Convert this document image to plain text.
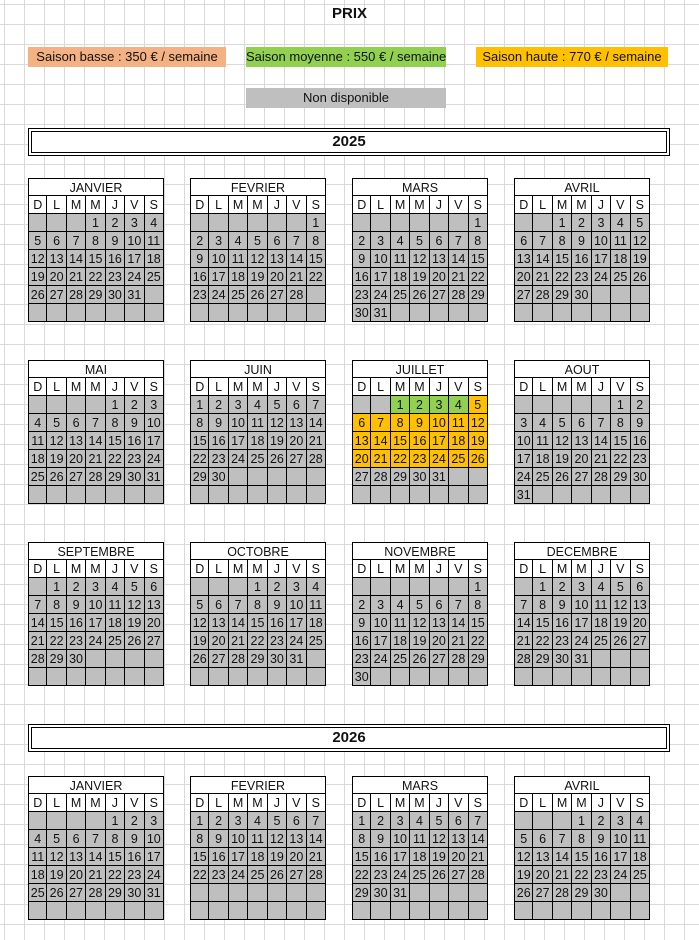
PRIX
Saison basse : 350 € / semaine	Saison moyenne : 550 € / semaine	Saison haute : 770 € / semaine
Non disponible
2025
2026
JANVIER
D L M M J V S
1 2 3 4
5 6 7 8 9 10 11
12 13 14 15 16 17 18
19 20 21 22 23 24 25
26 27 28 29 30 31
FEVRIER
D L M M J V S
1
2 3 4 5 6 7 8
9 10 11 12 13 14 15
16 17 18 19 20 21 22
23 24 25 26 27 28
MARS
D L M M J V S
1
2 3 4 5 6 7 8
9 10 11 12 13 14 15
16 17 18 19 20 21 22
23 24 25 26 27 28 29
30 31
AVRIL
D L M M J V S
1 2 3 4 5
6 7 8 9 10 11 12
13 14 15 16 17 18 19
20 21 22 23 24 25 26
27 28 29 30
MAI
D L M M J V S
1 2 3
4 5 6 7 8 9 10
11 12 13 14 15 16 17
18 19 20 21 22 23 24
25 26 27 28 29 30 31
JUIN
D L M M J V S
1 2 3 4 5 6 7
8 9 10 11 12 13 14
15 16 17 18 19 20 21
22 23 24 25 26 27 28
29 30
JUILLET
D L M M J V S
1 2 3 4 5
6 7 8 9 10 11 12
13 14 15 16 17 18 19
20 21 22 23 24 25 26
27 28 29 30 31
AOUT
D L M M J V S
1 2
3 4 5 6 7 8 9
10 11 12 13 14 15 16
17 18 19 20 21 22 23
24 25 26 27 28 29 30
31
SEPTEMBRE
D L M M J V S
1 2 3 4 5 6
7 8 9 10 11 12 13
14 15 16 17 18 19 20
21 22 23 24 25 26 27
28 29 30
OCTOBRE
D L M M J V S
1 2 3 4
5 6 7 8 9 10 11
12 13 14 15 16 17 18
19 20 21 22 23 24 25
26 27 28 29 30 31
NOVEMBRE
D L M M J V S
1
2 3 4 5 6 7 8
9 10 11 12 13 14 15
16 17 18 19 20 21 22
23 24 25 26 27 28 29
30
DECEMBRE
D L M M J V S
1 2 3 4 5 6
7 8 9 10 11 12 13
14 15 16 17 18 19 20
21 22 23 24 25 26 27
28 29 30 31
JANVIER
D L M M J V S
1 2 3
4 5 6 7 8 9 10
11 12 13 14 15 16 17
18 19 20 21 22 23 24
25 26 27 28 29 30 31
FEVRIER
D L M M J V S
1 2 3 4 5 6 7
8 9 10 11 12 13 14
15 16 17 18 19 20 21
22 23 24 25 26 27 28
MARS
D L M M J V S
1 2 3 4 5 6 7
8 9 10 11 12 13 14
15 16 17 18 19 20 21
22 23 24 25 26 27 28
29 30 31
AVRIL
D L M M J V S
1 2 3 4
5 6 7 8 9 10 11
12 13 14 15 16 17 18
19 20 21 22 23 24 25
26 27 28 29 30
